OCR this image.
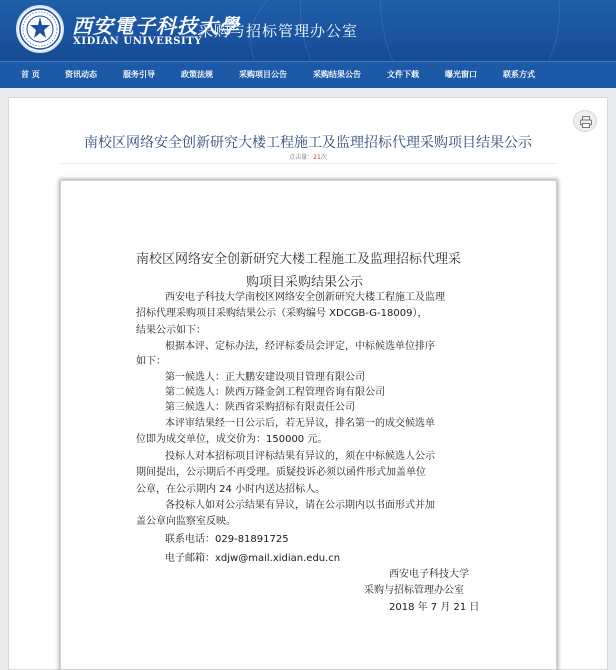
西安電子科技大學
XIDIAN UNIVERSITY
采购与招标管理办公室
首 页	资讯动态	服务引导	政策法规	采购项目公告	采购结果公告	文件下载	曝光窗口	联系方式
南校区网络安全创新研究大楼工程施工及监理招标代理采购项目结果公示
点击量：21次
南校区网络安全创新研究大楼工程施工及监理招标代理采
购项目采购结果公示
西安电子科技大学南校区网络安全创新研究大楼工程施工及监理
招标代理采购项目采购结果公示（采购编号 XDCGB-G-18009），
结果公示如下：
根据本评、定标办法，经评标委员会评定，中标候选单位排序
如下：
第一候选人：正大鹏安建设项目管理有限公司
第二候选人：陕西万隆金剑工程管理咨询有限公司
第三候选人：陕西省采购招标有限责任公司
本评审结果经一日公示后，若无异议，排名第一的成交候选单
位即为成交单位，成交价为：150000 元。
投标人对本招标项目评标结果有异议的，须在中标候选人公示
期间提出，公示期后不再受理。质疑投诉必须以函件形式加盖单位
公章，在公示期内 24 小时内送达招标人。
各投标人如对公示结果有异议，请在公示期内以书面形式并加
盖公章向监察室反映。
联系电话：029-81891725
电子邮箱：xdjw@mail.xidian.edu.cn
西安电子科技大学
采购与招标管理办公室
2018 年 7 月 21 日
